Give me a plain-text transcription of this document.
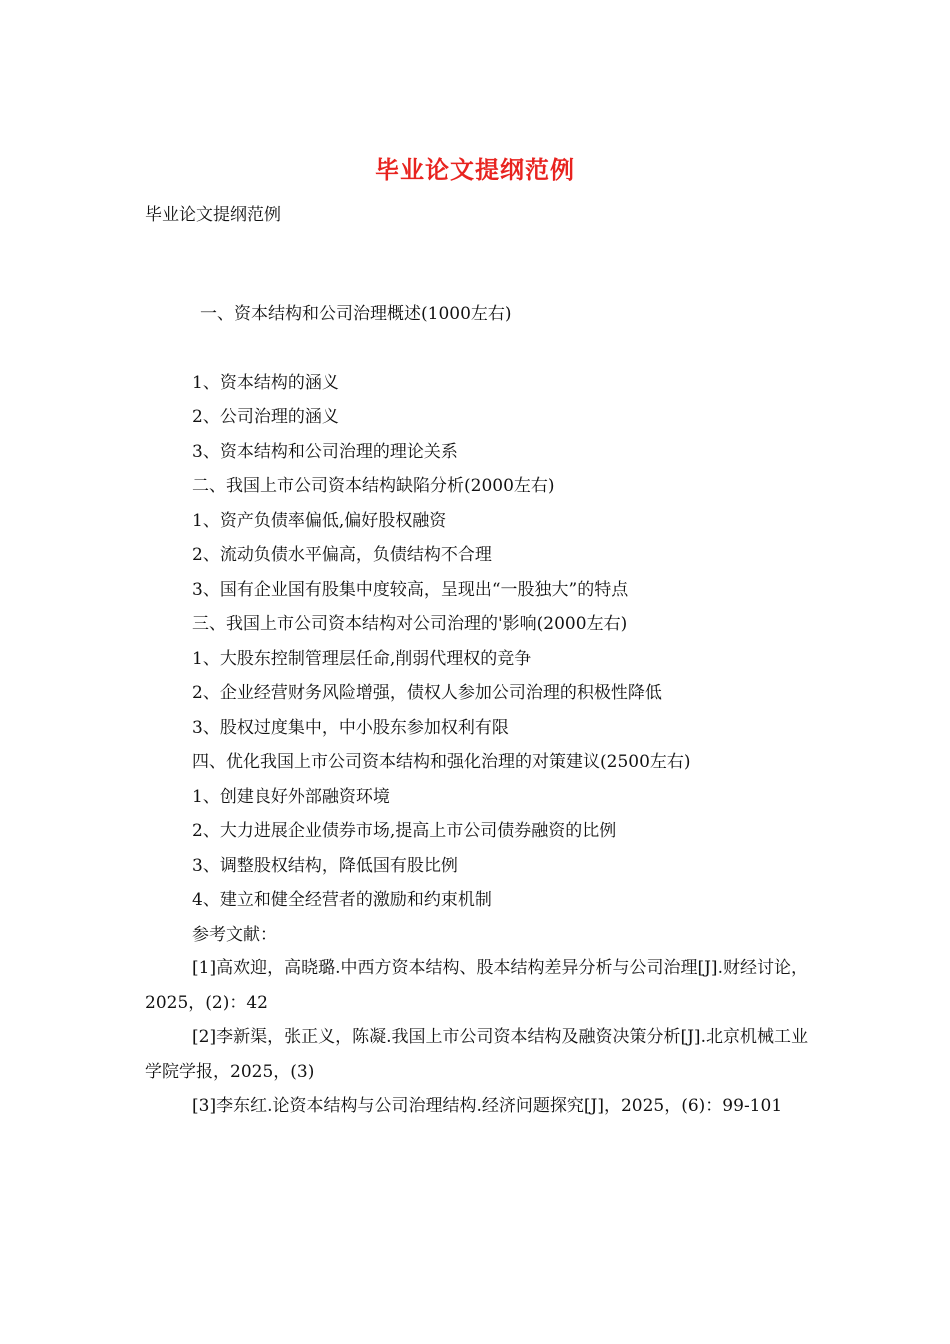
毕业论文提纲范例
毕业论文提纲范例
一、资本结构和公司治理概述(1000左右)
1、资本结构的涵义
2、公司治理的涵义
3、资本结构和公司治理的理论关系
二、我国上市公司资本结构缺陷分析(2000左右)
1、资产负债率偏低,偏好股权融资
2、流动负债水平偏高，负债结构不合理
3、国有企业国有股集中度较高，呈现出“一股独大”的特点
三、我国上市公司资本结构对公司治理的'影响(2000左右)
1、大股东控制管理层任命,削弱代理权的竞争
2、企业经营财务风险增强，债权人参加公司治理的积极性降低
3、股权过度集中，中小股东参加权利有限
四、优化我国上市公司资本结构和强化治理的对策建议(2500左右)
1、创建良好外部融资环境
2、大力进展企业债券市场,提高上市公司债券融资的比例
3、调整股权结构，降低国有股比例
4、建立和健全经营者的激励和约束机制
参考文献：
[1]高欢迎，高晓璐.中西方资本结构、股本结构差异分析与公司治理[J].财经讨论，2025，(2)：42
[2]李新渠，张正义，陈凝.我国上市公司资本结构及融资决策分析[J].北京机械工业学院学报，2025，(3)
[3]李东红.论资本结构与公司治理结构.经济问题探究[J]，2025，(6)：99-101
